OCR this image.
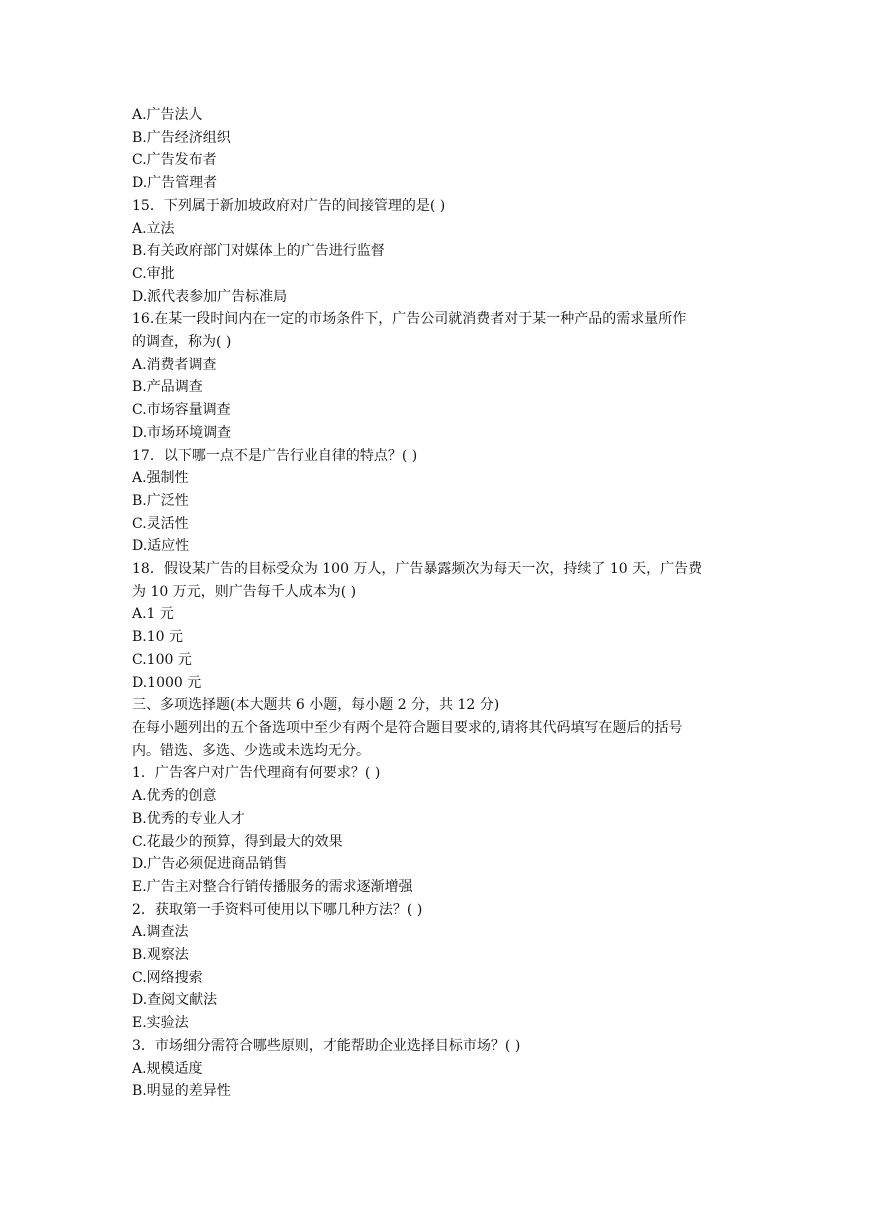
A.广告法人
B.广告经济组织
C.广告发布者
D.广告管理者
15．下列属于新加坡政府对广告的间接管理的是( )
A.立法
B.有关政府部门对媒体上的广告进行监督
C.审批
D.派代表参加广告标准局
16.在某一段时间内在一定的市场条件下，广告公司就消费者对于某一种产品的需求量所作
的调查，称为( )
A.消费者调查
B.产品调查
C.市场容量调查
D.市场环境调查
17．以下哪一点不是广告行业自律的特点？( )
A.强制性
B.广泛性
C.灵活性
D.适应性
18．假设某广告的目标受众为 100 万人，广告暴露频次为每天一次，持续了 10 天，广告费
为 10 万元，则广告每千人成本为( )
A.1 元
B.10 元
C.100 元
D.1000 元
三、多项选择题(本大题共 6 小题，每小题 2 分，共 12 分)
在每小题列出的五个备选项中至少有两个是符合题目要求的,请将其代码填写在题后的括号
内。错选、多选、少选或未选均无分。
1．广告客户对广告代理商有何要求？( )
A.优秀的创意
B.优秀的专业人才
C.花最少的预算，得到最大的效果
D.广告必须促进商品销售
E.广告主对整合行销传播服务的需求逐渐增强
2．获取第一手资料可使用以下哪几种方法？( )
A.调查法
B.观察法
C.网络搜索
D.查阅文献法
E.实验法
3．市场细分需符合哪些原则，才能帮助企业选择目标市场？( )
A.规模适度
B.明显的差异性
